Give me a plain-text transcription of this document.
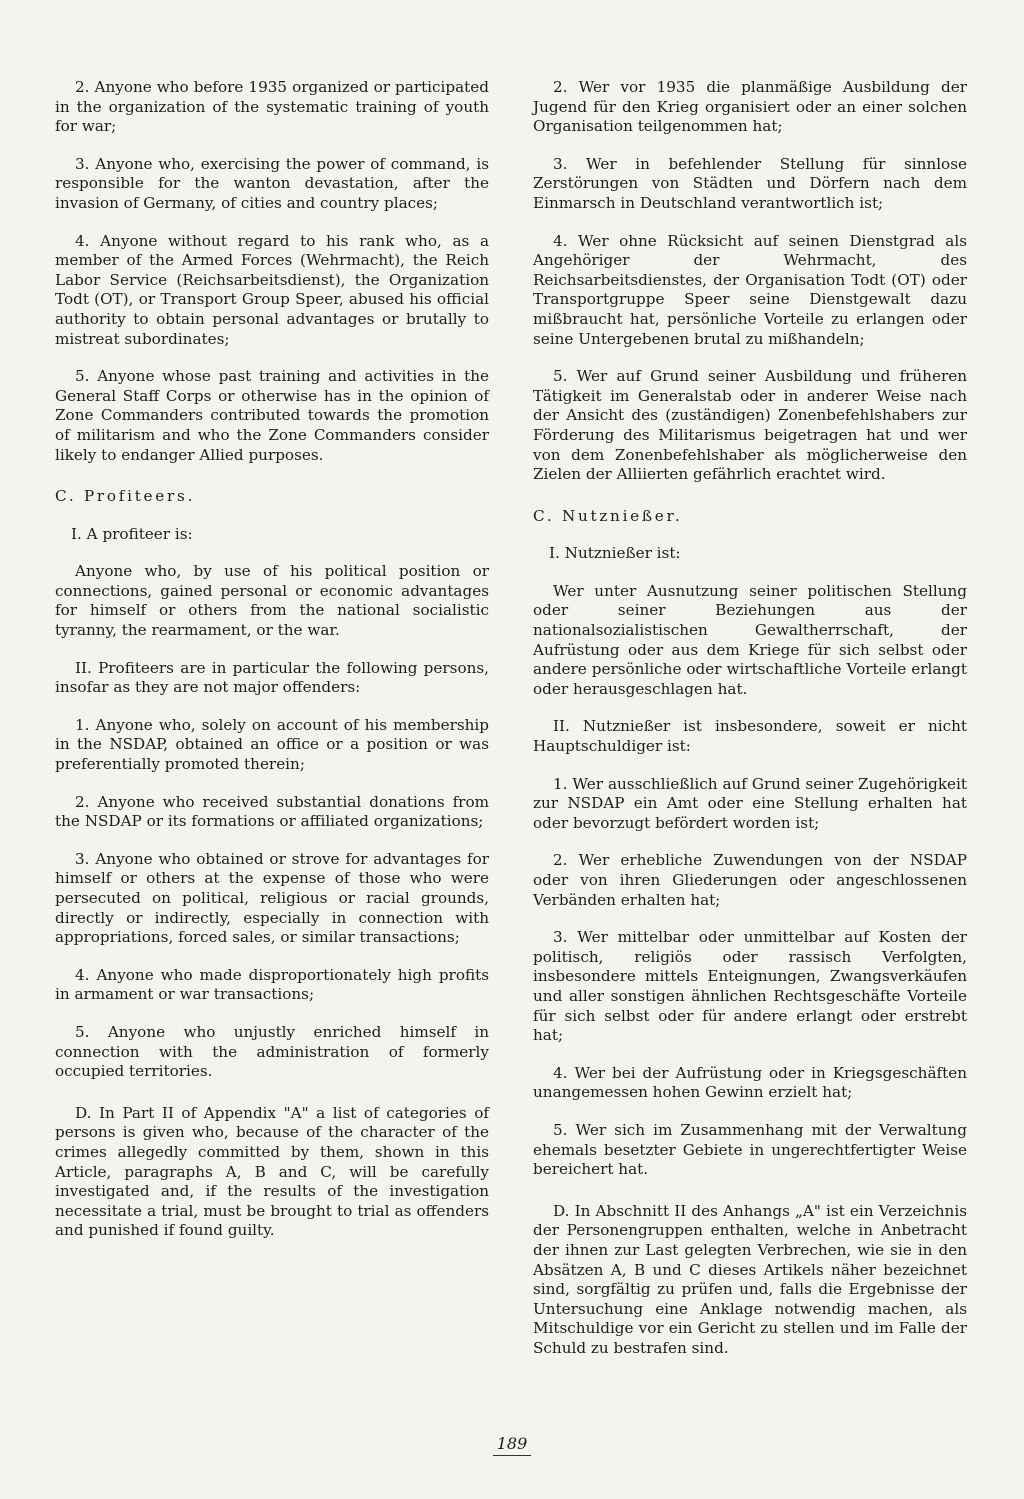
2. Anyone who before 1935 organized or participated in the organization of the systematic training of youth for war;

3. Anyone who, exercising the power of command, is responsible for the wanton devastation, after the invasion of Germany, of cities and country places;

4. Anyone without regard to his rank who, as a member of the Armed Forces (Wehrmacht), the Reich Labor Service (Reichsarbeitsdienst), the Organization Todt (OT), or Transport Group Speer, abused his official authority to obtain personal advantages or brutally to mistreat subordinates;

5. Anyone whose past training and activities in the General Staff Corps or otherwise has in the opinion of Zone Commanders contributed towards the promotion of militarism and who the Zone Commanders consider likely to endanger Allied purposes.

C. Profiteers.

I. A profiteer is:

Anyone who, by use of his political position or connections, gained personal or economic advantages for himself or others from the national socialistic tyranny, the rearmament, or the war.

II. Profiteers are in particular the following persons, insofar as they are not major offenders:

1. Anyone who, solely on account of his membership in the NSDAP, obtained an office or a position or was preferentially promoted therein;

2. Anyone who received substantial donations from the NSDAP or its formations or affiliated organizations;

3. Anyone who obtained or strove for advantages for himself or others at the expense of those who were persecuted on political, religious or racial grounds, directly or indirectly, especially in connection with appropriations, forced sales, or similar transactions;

4. Anyone who made disproportionately high profits in armament or war transactions;

5. Anyone who unjustly enriched himself in connection with the administration of formerly occupied territories.

D. In Part II of Appendix "A" a list of categories of persons is given who, because of the character of the crimes allegedly committed by them, shown in this Article, paragraphs A, B and C, will be carefully investigated and, if the results of the investigation necessitate a trial, must be brought to trial as offenders and punished if found guilty.

2. Wer vor 1935 die planmäßige Ausbildung der Jugend für den Krieg organisiert oder an einer solchen Organisation teilgenommen hat;

3. Wer in befehlender Stellung für sinnlose Zerstörungen von Städten und Dörfern nach dem Einmarsch in Deutschland verantwortlich ist;

4. Wer ohne Rücksicht auf seinen Dienstgrad als Angehöriger der Wehrmacht, des Reichsarbeitsdienstes, der Organisation Todt (OT) oder Transportgruppe Speer seine Dienstgewalt dazu mißbraucht hat, persönliche Vorteile zu erlangen oder seine Untergebenen brutal zu mißhandeln;

5. Wer auf Grund seiner Ausbildung und früheren Tätigkeit im Generalstab oder in anderer Weise nach der Ansicht des (zuständigen) Zonenbefehlshabers zur Förderung des Militarismus beigetragen hat und wer von dem Zonenbefehlshaber als möglicherweise den Zielen der Alliierten gefährlich erachtet wird.

C. Nutznießer.

I. Nutznießer ist:

Wer unter Ausnutzung seiner politischen Stellung oder seiner Beziehungen aus der nationalsozialistischen Gewaltherrschaft, der Aufrüstung oder aus dem Kriege für sich selbst oder andere persönliche oder wirtschaftliche Vorteile erlangt oder herausgeschlagen hat.

II. Nutznießer ist insbesondere, soweit er nicht Hauptschuldiger ist:

1. Wer ausschließlich auf Grund seiner Zugehörigkeit zur NSDAP ein Amt oder eine Stellung erhalten hat oder bevorzugt befördert worden ist;

2. Wer erhebliche Zuwendungen von der NSDAP oder von ihren Gliederungen oder angeschlossenen Verbänden erhalten hat;

3. Wer mittelbar oder unmittelbar auf Kosten der politisch, religiös oder rassisch Verfolgten, insbesondere mittels Enteignungen, Zwangsverkäufen und aller sonstigen ähnlichen Rechtsgeschäfte Vorteile für sich selbst oder für andere erlangt oder erstrebt hat;

4. Wer bei der Aufrüstung oder in Kriegsgeschäften unangemessen hohen Gewinn erzielt hat;

5. Wer sich im Zusammenhang mit der Verwaltung ehemals besetzter Gebiete in ungerechtfertigter Weise bereichert hat.

D. In Abschnitt II des Anhangs „A" ist ein Verzeichnis der Personengruppen enthalten, welche in Anbetracht der ihnen zur Last gelegten Verbrechen, wie sie in den Absätzen A, B und C dieses Artikels näher bezeichnet sind, sorgfältig zu prüfen und, falls die Ergebnisse der Untersuchung eine Anklage notwendig machen, als Mitschuldige vor ein Gericht zu stellen und im Falle der Schuld zu bestrafen sind.

189
